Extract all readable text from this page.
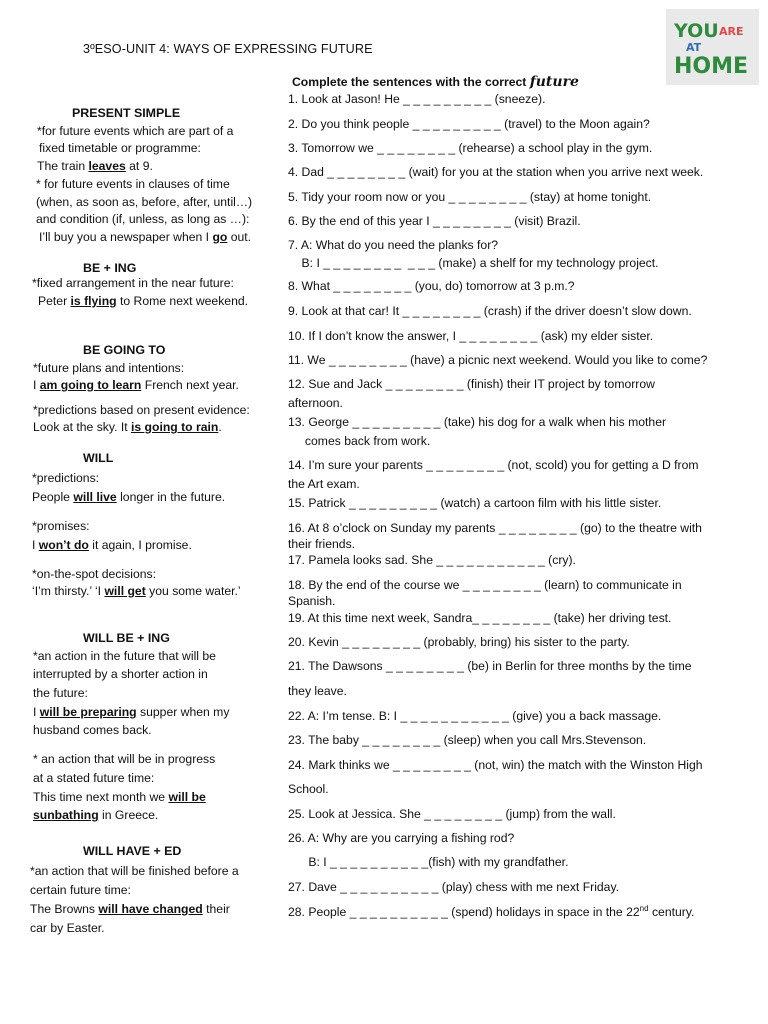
3ºESO-UNIT 4: WAYS OF EXPRESSING FUTURE
YOU ARE
AT
HOME
PRESENT SIMPLE
*for future events which are part of a
fixed timetable or programme:
The train leaves at 9.
* for future events in clauses of time
(when, as soon as, before, after, until…)
and condition (if, unless, as long as …):
I’ll buy you a newspaper when I go out.
BE + ING
*fixed arrangement in the near future:
Peter is flying to Rome next weekend.
BE GOING TO
*future plans and intentions:
I am going to learn French next year.
*predictions based on present evidence:
Look at the sky. It is going to rain.
WILL
*predictions:
People will live longer in the future.
*promises:
I won’t do it again, I promise.
*on-the-spot decisions:
‘I’m thirsty.’ ‘I will get you some water.’
WILL BE + ING
*an action in the future that will be
interrupted by a shorter action in
the future:
I will be preparing supper when my
husband comes back.
* an action that will be in progress
at a stated future time:
This time next month we will be
sunbathing in Greece.
WILL HAVE + ED
*an action that will be finished before a
certain future time:
The Browns will have changed their
car by Easter.
Complete the sentences with the correct future
1. Look at Jason! He _ _ _ _ _ _ _ _ _ (sneeze).
2. Do you think people _ _ _ _ _ _ _ _ _ (travel) to the Moon again?
3. Tomorrow we _ _ _ _ _ _ _ _ (rehearse) a school play in the gym.
4. Dad _ _ _ _ _ _ _ _ (wait) for you at the station when you arrive next week.
5. Tidy your room now or you _ _ _ _ _ _ _ _ (stay) at home tonight.
6. By the end of this year I _ _ _ _ _ _ _ _ (visit) Brazil.
7. A: What do you need the planks for?
B: I _ _ _ _ _ _ _ _  _ _ _ (make) a shelf for my technology project.
8. What _ _ _ _ _ _ _ _ (you, do) tomorrow at 3 p.m.?
9. Look at that car! It _ _ _ _ _ _ _ _ (crash) if the driver doesn’t slow down.
10. If I don’t know the answer, I _ _ _ _ _ _ _ _ (ask) my elder sister.
11. We _ _ _ _ _ _ _ _ (have) a picnic next weekend. Would you like to come?
12. Sue and Jack _ _ _ _ _ _ _ _ (finish) their IT project by tomorrow
afternoon.
13. George _ _ _ _ _ _ _ _ _ (take) his dog for a walk when his mother
comes back from work.
14. I’m sure your parents _ _ _ _ _ _ _ _ (not, scold) you for getting a D from
the Art exam.
15. Patrick _ _ _ _ _ _ _ _ _ (watch) a cartoon film with his little sister.
16. At 8 o’clock on Sunday my parents _ _ _ _ _ _ _ _ (go) to the theatre with
their friends.
17. Pamela looks sad. She _ _ _ _ _ _ _ _ _ _ _ (cry).
18. By the end of the course we _ _ _ _ _ _ _ _ (learn) to communicate in
Spanish.
19. At this time next week, Sandra_ _ _ _ _ _ _ _ (take) her driving test.
20. Kevin _ _ _ _ _ _ _ _ (probably, bring) his sister to the party.
21. The Dawsons _ _ _ _ _ _ _ _ (be) in Berlin for three months by the time
they leave.
22. A: I’m tense. B: I _ _ _ _ _ _ _ _ _ _ _ (give) you a back massage.
23. The baby _ _ _ _ _ _ _ _ (sleep) when you call Mrs.Stevenson.
24. Mark thinks we _ _ _ _ _ _ _ _ (not, win) the match with the Winston High
School.
25. Look at Jessica. She _ _ _ _ _ _ _ _ (jump) from the wall.
26. A: Why are you carrying a fishing rod?
B: I _ _ _ _ _ _ _ _ _ _(fish) with my grandfather.
27. Dave _ _ _ _ _ _ _ _ _ _ (play) chess with me next Friday.
28. People _ _ _ _ _ _ _ _ _ _ (spend) holidays in space in the 22nd century.
